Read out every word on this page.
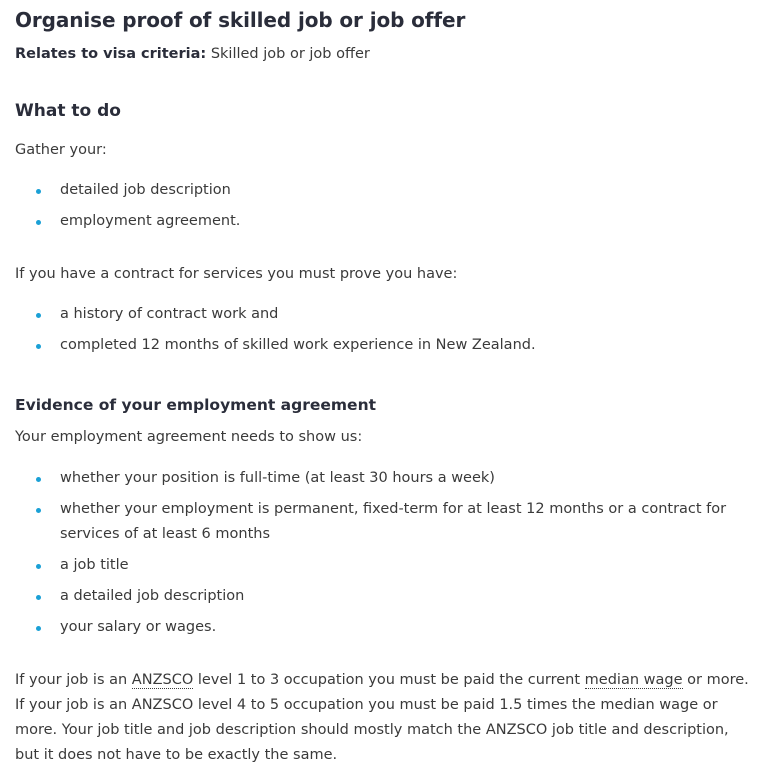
Organise proof of skilled job or job offer
Relates to visa criteria: Skilled job or job offer
What to do

Gather your:

detailed job description
employment agreement.

If you have a contract for services you must prove you have:

a history of contract work and
completed 12 months of skilled work experience in New Zealand.
Evidence of your employment agreement

Your employment agreement needs to show us:

whether your position is full-time (at least 30 hours a week)
whether your employment is permanent, fixed-term for at least 12 months or a contract for services of at least 6 months
a job title
a detailed job description
your salary or wages.

If your job is an ANZSCO level 1 to 3 occupation you must be paid the current median wage or more. If your job is an ANZSCO level 4 to 5 occupation you must be paid 1.5 times the median wage or more. Your job title and job description should mostly match the ANZSCO job title and description, but it does not have to be exactly the same.
